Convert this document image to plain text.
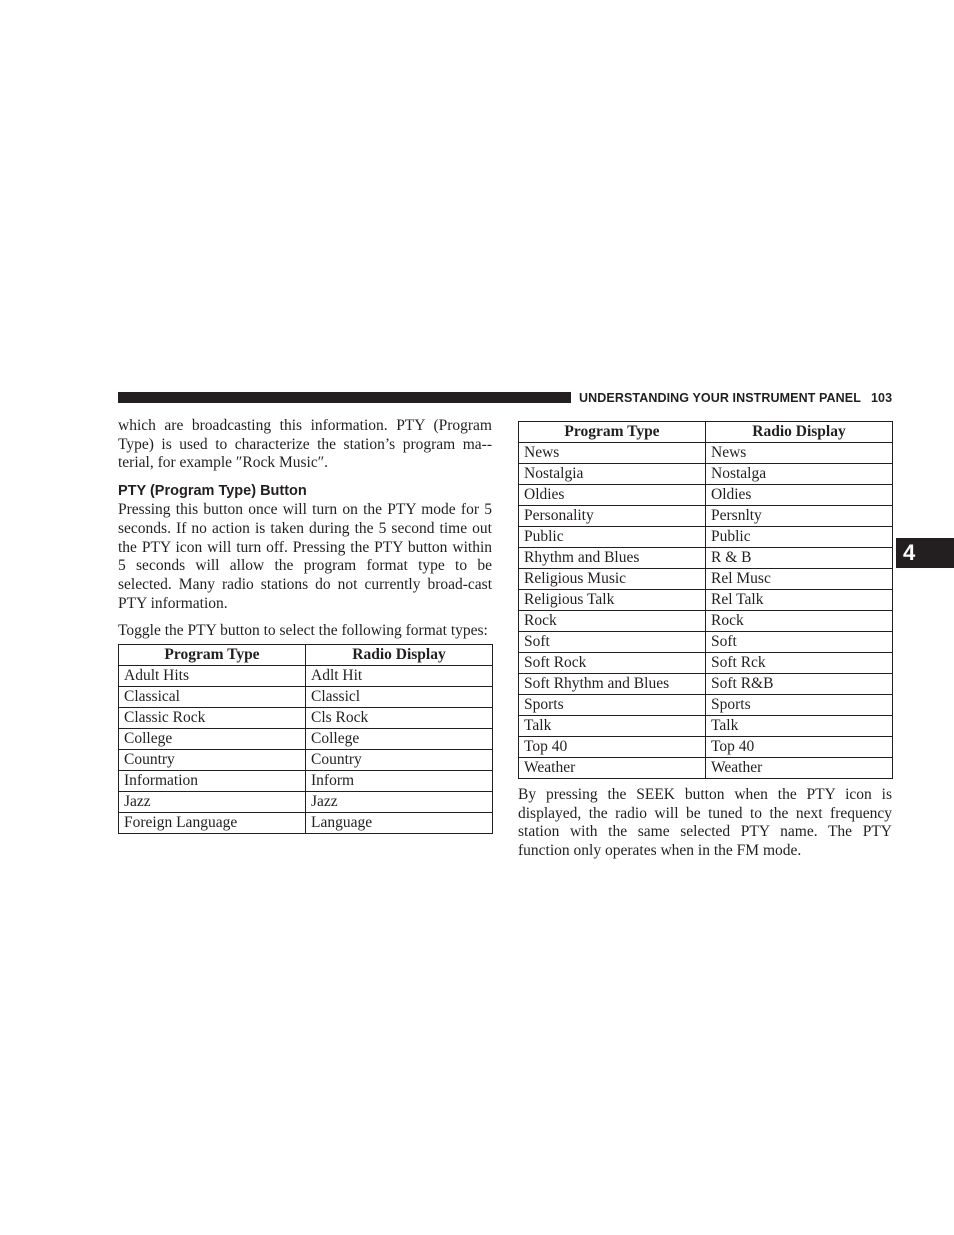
UNDERSTANDING YOUR INSTRUMENT PANEL 103
4

which are broadcasting this information. PTY (Program Type) is used to characterize the station’s program ma-terial, for example ″Rock Music″.

PTY (Program Type) Button

Pressing this button once will turn on the PTY mode for 5 seconds. If no action is taken during the 5 second time out the PTY icon will turn off. Pressing the PTY button within 5 seconds will allow the program format type to be selected. Many radio stations do not currently broad-cast PTY information.

Toggle the PTY button to select the following format types:

Program Type	Radio Display
Adult Hits	Adlt Hit
Classical	Classicl
Classic Rock	Cls Rock
College	College
Country	Country
Information	Inform
Jazz	Jazz
Foreign Language	Language
Program Type	Radio Display
News	News
Nostalgia	Nostalga
Oldies	Oldies
Personality	Persnlty
Public	Public
Rhythm and Blues	R & B
Religious Music	Rel Musc
Religious Talk	Rel Talk
Rock	Rock
Soft	Soft
Soft Rock	Soft Rck
Soft Rhythm and Blues	Soft R&B
Sports	Sports
Talk	Talk
Top 40	Top 40
Weather	Weather

By pressing the SEEK button when the PTY icon is displayed, the radio will be tuned to the next frequency station with the same selected PTY name. The PTY function only operates when in the FM mode.
